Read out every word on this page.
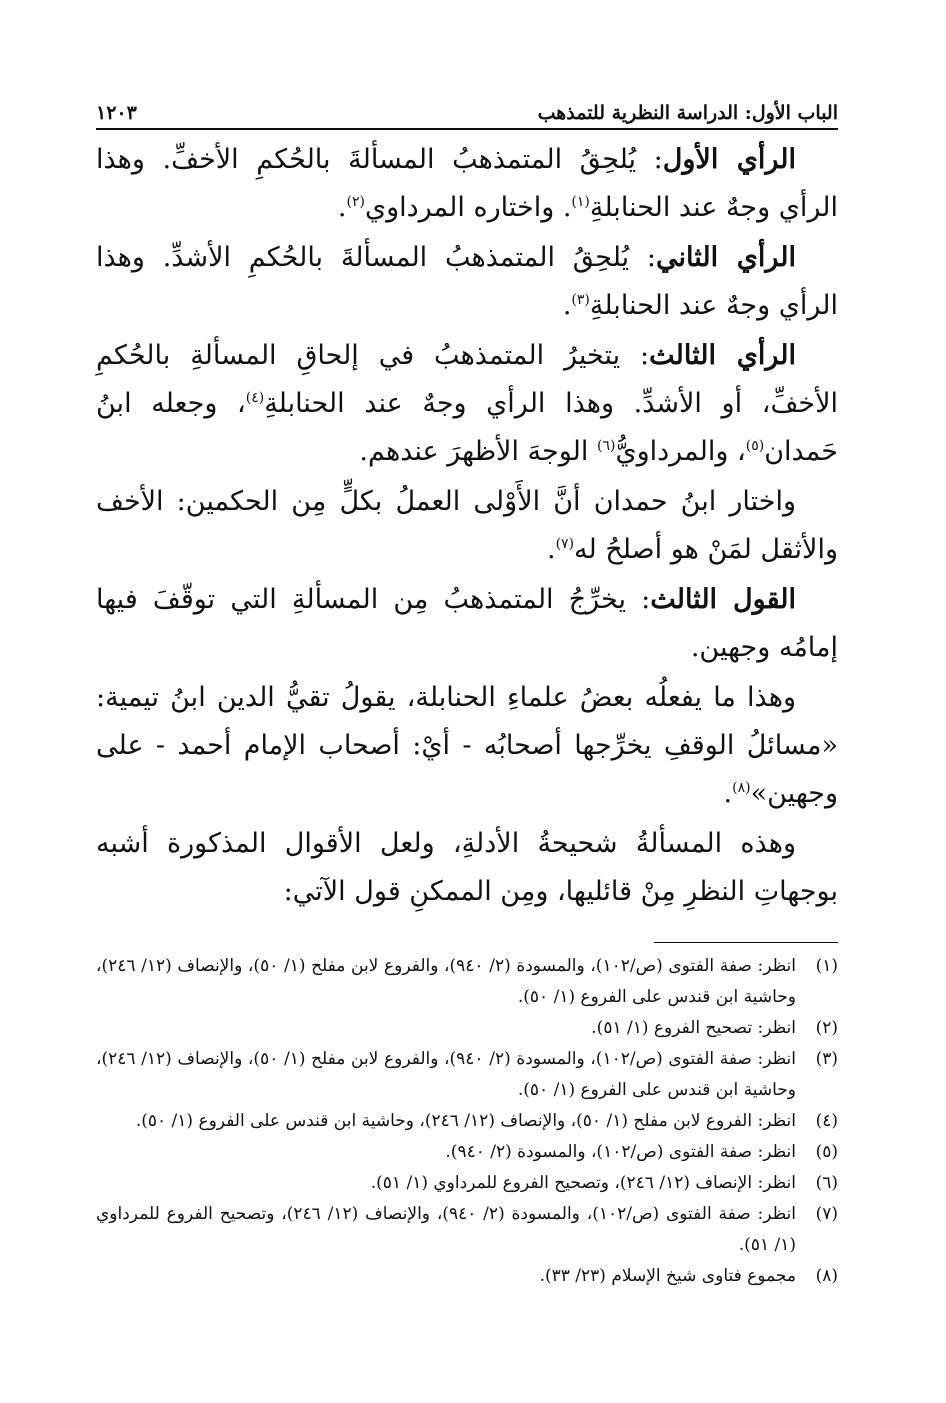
الباب الأول: الدراسة النظرية للتمذهب
١٢٠٣

الرأي الأول: يُلحِقُ المتمذهبُ المسألةَ بالحُكمِ الأخفِّ. وهذا الرأي وجهٌ عند الحنابلةِ$^{(١)}$. واختاره المرداوي$^{(٢)}$.

الرأي الثاني: يُلحِقُ المتمذهبُ المسألةَ بالحُكمِ الأشدِّ. وهذا الرأي وجهٌ عند الحنابلةِ$^{(٣)}$.

الرأي الثالث: يتخيرُ المتمذهبُ في إلحاقِ المسألةِ بالحُكمِ الأخفِّ، أو الأشدِّ. وهذا الرأي وجهٌ عند الحنابلةِ$^{(٤)}$، وجعله ابنُ حَمدان$^{(٥)}$، والمرداويُّ$^{(٦)}$ الوجهَ الأظهرَ عندهم.

واختار ابنُ حمدان أنَّ الأَوْلى العملُ بكلٍّ مِن الحكمين: الأخف والأثقل لمَنْ هو أصلحُ له$^{(٧)}$.

القول الثالث: يخرِّجُ المتمذهبُ مِن المسألةِ التي توقّفَ فيها إمامُه وجهين.

وهذا ما يفعلُه بعضُ علماءِ الحنابلة، يقولُ تقيُّ الدين ابنُ تيمية: «مسائلُ الوقفِ يخرِّجها أصحابُه - أيْ: أصحاب الإمام أحمد - على وجهين»$^{(٨)}$.

وهذه المسألةُ شحيحةُ الأدلةِ، ولعل الأقوال المذكورة أشبه بوجهاتِ النظرِ مِنْ قائليها، ومِن الممكنِ قول الآتي:

(١)
انظر: صفة الفتوى (ص/١٠٢)، والمسودة (٢/ ٩٤٠)، والفروع لابن مفلح (١/ ٥٠)، والإنصاف (١٢/ ٢٤٦)، وحاشية ابن قندس على الفروع (١/ ٥٠).
(٢)
انظر: تصحيح الفروع (١/ ٥١).
(٣)
انظر: صفة الفتوى (ص/١٠٢)، والمسودة (٢/ ٩٤٠)، والفروع لابن مفلح (١/ ٥٠)، والإنصاف (١٢/ ٢٤٦)، وحاشية ابن قندس على الفروع (١/ ٥٠).
(٤)
انظر: الفروع لابن مفلح (١/ ٥٠)، والإنصاف (١٢/ ٢٤٦)، وحاشية ابن قندس على الفروع (١/ ٥٠).
(٥)
انظر: صفة الفتوى (ص/١٠٢)، والمسودة (٢/ ٩٤٠).
(٦)
انظر: الإنصاف (١٢/ ٢٤٦)، وتصحيح الفروع للمرداوي (١/ ٥١).
(٧)
انظر: صفة الفتوى (ص/١٠٢)، والمسودة (٢/ ٩٤٠)، والإنصاف (١٢/ ٢٤٦)، وتصحيح الفروع للمرداوي (١/ ٥١).
(٨)
مجموع فتاوى شيخ الإسلام (٢٣/ ٣٣).
